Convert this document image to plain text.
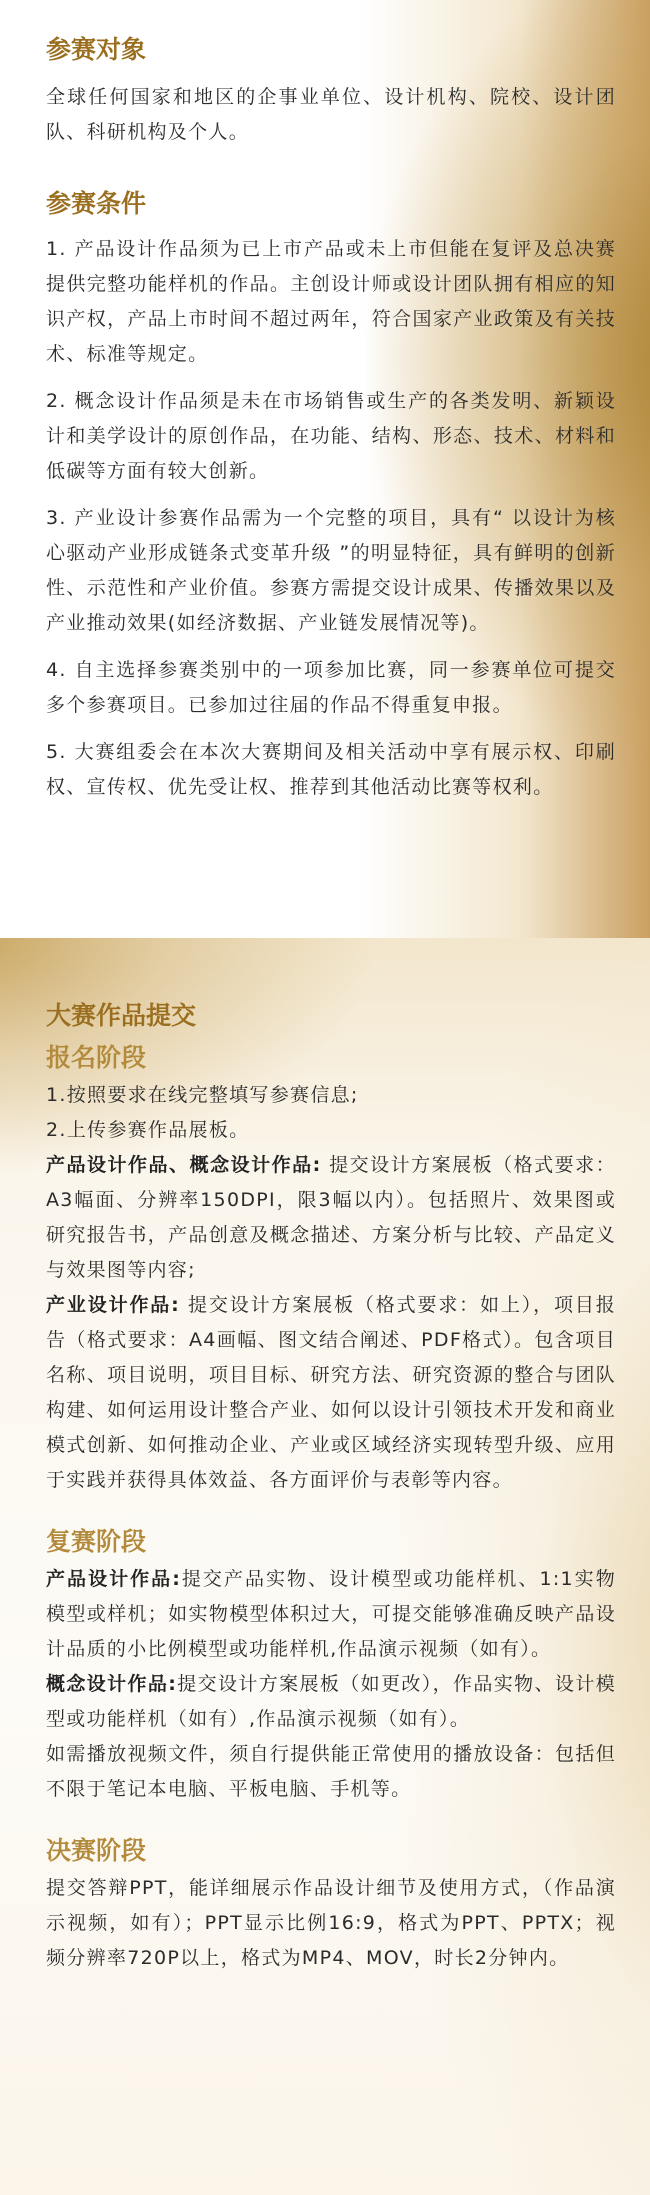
参赛对象

全球任何国家和地区的企事业单位、设计机构、院校、设计团队、科研机构及个人。

参赛条件

1. 产品设计作品须为已上市产品或未上市但能在复评及总决赛提供完整功能样机的作品。主创设计师或设计团队拥有相应的知识产权，产品上市时间不超过两年，符合国家产业政策及有关技术、标准等规定。

2. 概念设计作品须是未在市场销售或生产的各类发明、新颖设计和美学设计的原创作品，在功能、结构、形态、技术、材料和低碳等方面有较大创新。

3. 产业设计参赛作品需为一个完整的项目，具有“ 以设计为核心驱动产业形成链条式变革升级 ”的明显特征，具有鲜明的创新性、示范性和产业价值。参赛方需提交设计成果、传播效果以及产业推动效果(如经济数据、产业链发展情况等)。

4. 自主选择参赛类别中的一项参加比赛，同一参赛单位可提交多个参赛项目。已参加过往届的作品不得重复申报。

5. 大赛组委会在本次大赛期间及相关活动中享有展示权、印刷权、宣传权、优先受让权、推荐到其他活动比赛等权利。

大赛作品提交
报名阶段

1.按照要求在线完整填写参赛信息;

2.上传参赛作品展板。

产品设计作品、概念设计作品: 提交设计方案展板（格式要求：A3幅面、分辨率150DPI，限3幅以内）。包括照片、效果图或研究报告书，产品创意及概念描述、方案分析与比较、产品定义与效果图等内容;

产业设计作品: 提交设计方案展板（格式要求：如上），项目报告（格式要求：A4画幅、图文结合阐述、PDF格式）。包含项目名称、项目说明，项目目标、研究方法、研究资源的整合与团队构建、如何运用设计整合产业、如何以设计引领技术开发和商业模式创新、如何推动企业、产业或区域经济实现转型升级、应用于实践并获得具体效益、各方面评价与表彰等内容。

复赛阶段

产品设计作品:提交产品实物、设计模型或功能样机、1:1实物模型或样机；如实物模型体积过大，可提交能够准确反映产品设计品质的小比例模型或功能样机,作品演示视频（如有）。

概念设计作品:提交设计方案展板（如更改），作品实物、设计模型或功能样机（如有）,作品演示视频（如有）。

如需播放视频文件，须自行提供能正常使用的播放设备：包括但不限于笔记本电脑、平板电脑、手机等。

决赛阶段

提交答辩PPT，能详细展示作品设计细节及使用方式，（作品演示视频，如有）；PPT显示比例16:9，格式为PPT、PPTX；视频分辨率720P以上，格式为MP4、MOV，时长2分钟内。
